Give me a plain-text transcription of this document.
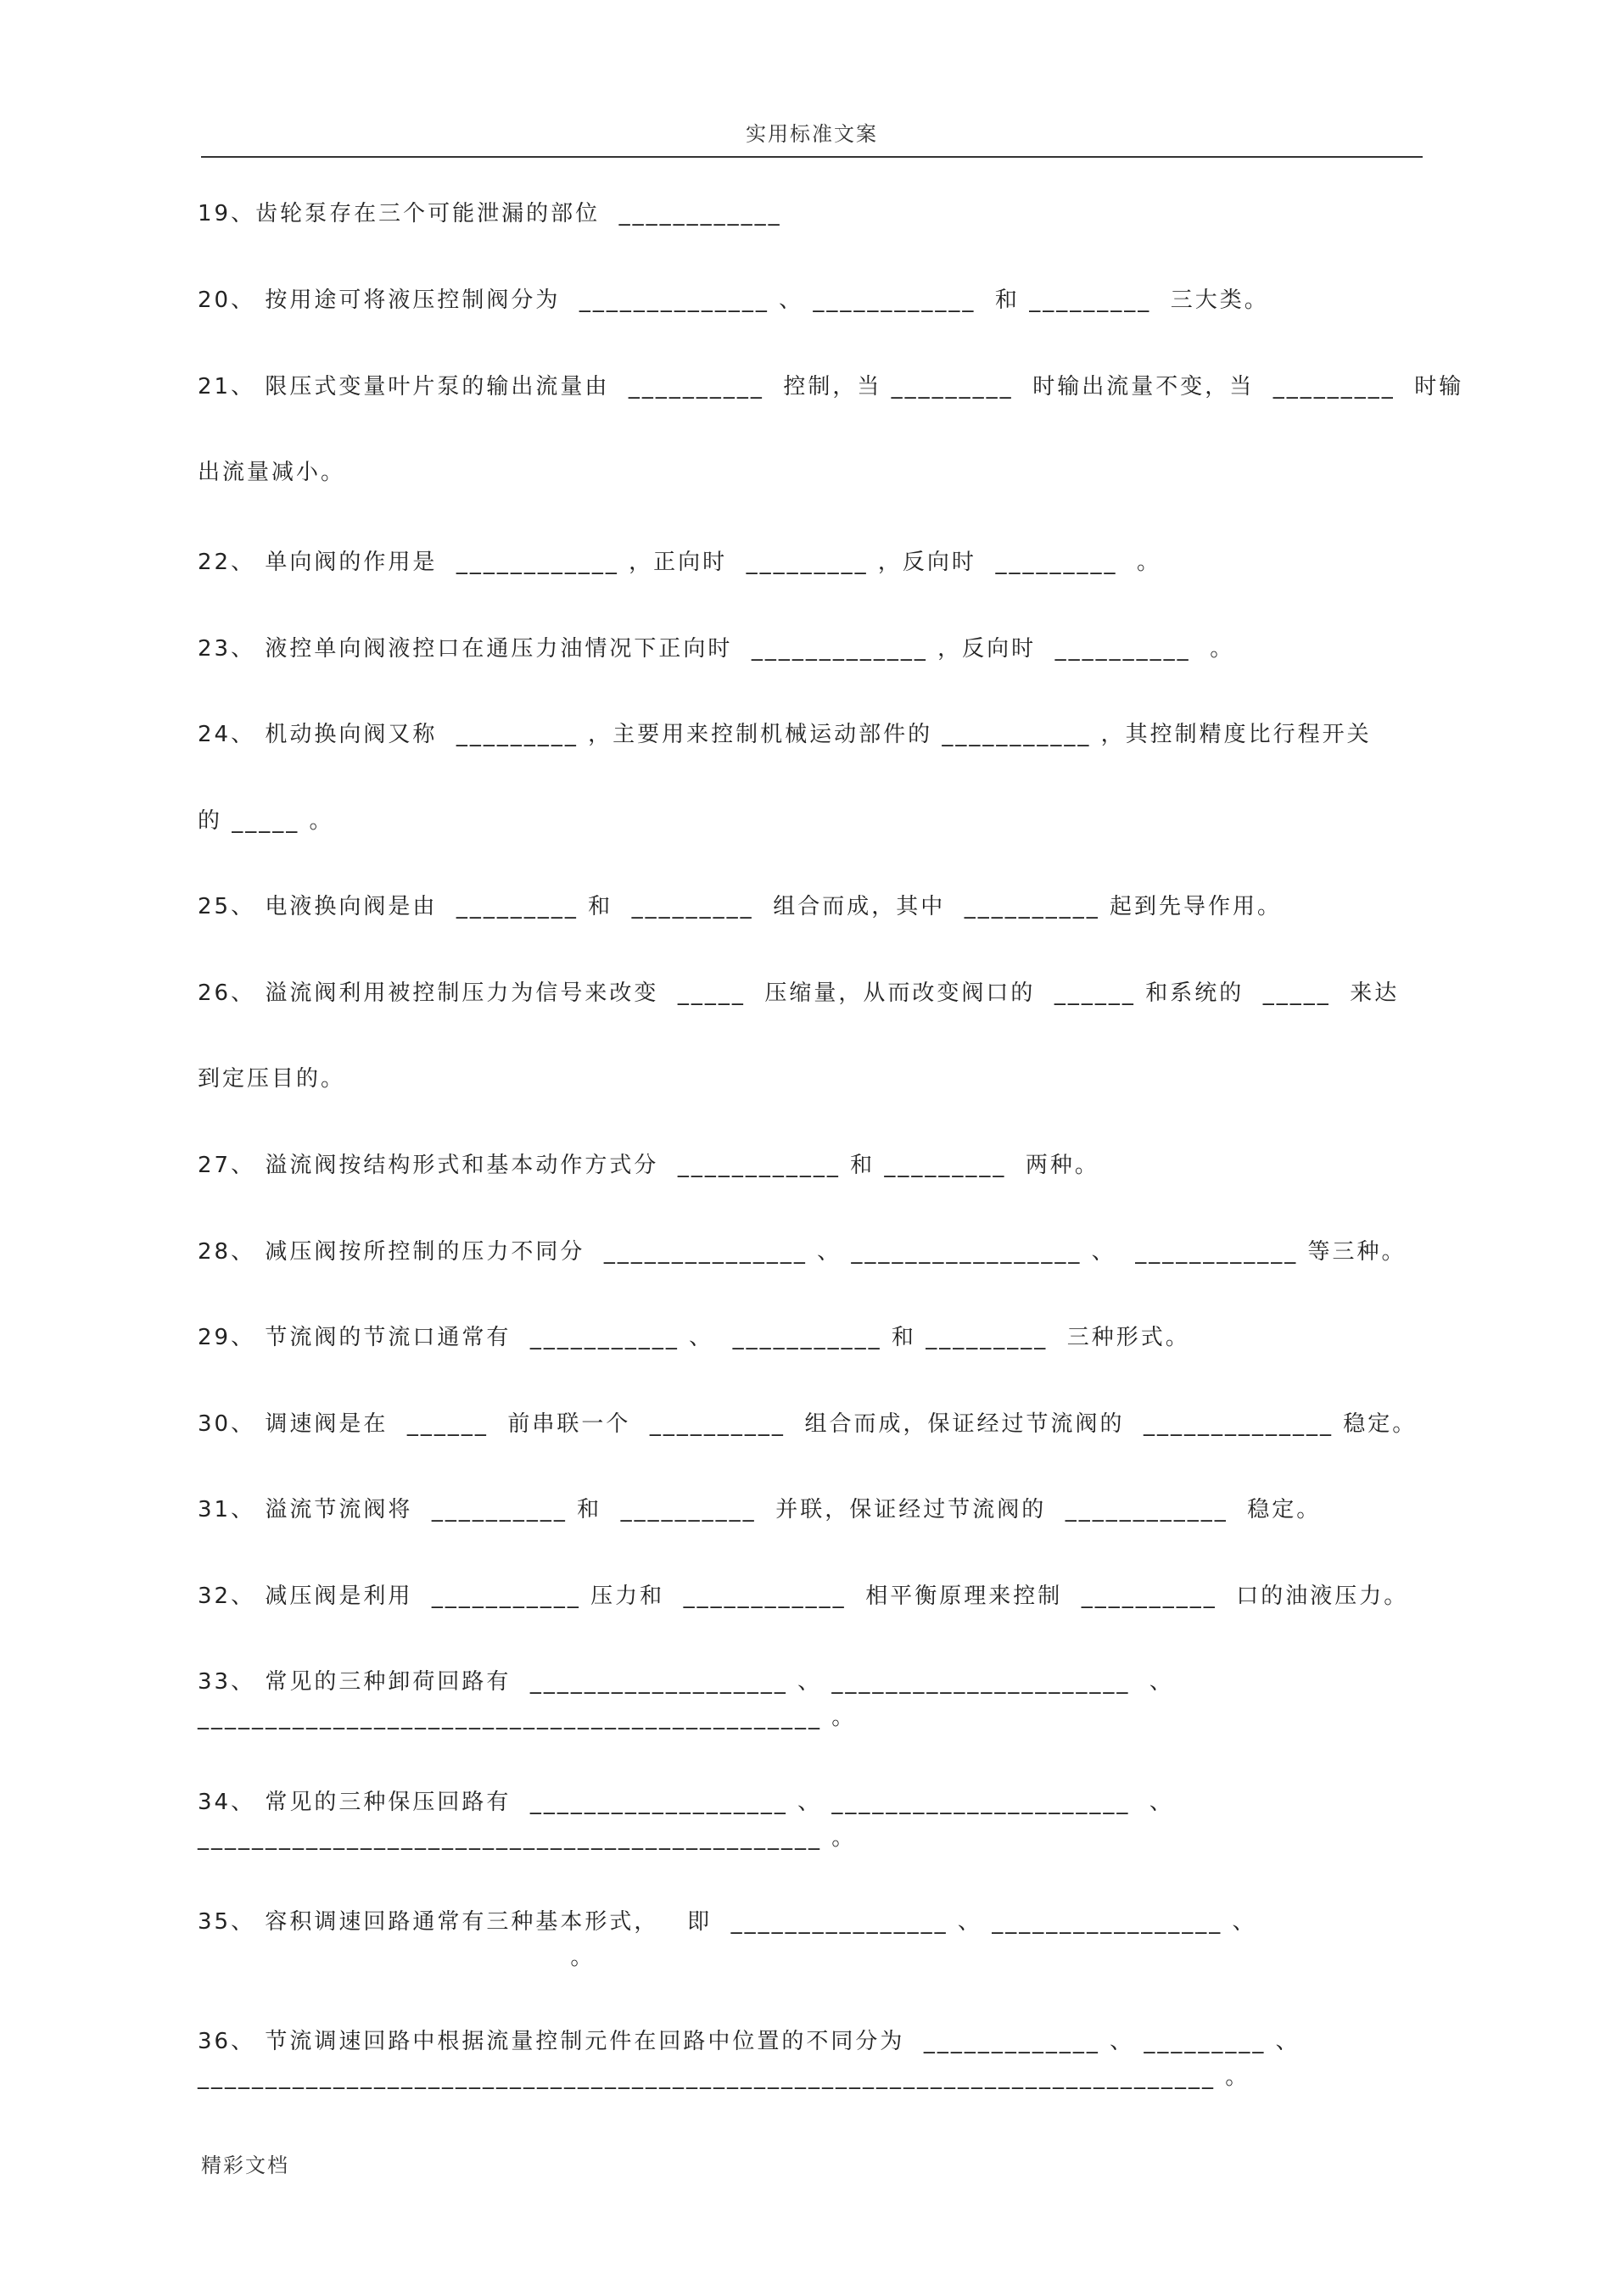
实用标准文案
19、齿轮泵存在三个可能泄漏的部位  ____________
20、 按用途可将液压控制阀分为  ______________ 、 ____________  和 _________  三大类。
21、 限压式变量叶片泵的输出流量由  __________  控制，当 _________  时输出流量不变，当  _________  时输
出流量减小。
22、 单向阀的作用是  ____________ ，正向时  _________ ，反向时  _________  。
23、 液控单向阀液控口在通压力油情况下正向时  _____________ ，反向时  __________  。
24、 机动换向阀又称  _________ ，主要用来控制机械运动部件的 ___________ ，其控制精度比行程开关
的 _____ 。
25、 电液换向阀是由  _________ 和  _________  组合而成，其中  __________ 起到先导作用。
26、 溢流阀利用被控制压力为信号来改变  _____  压缩量，从而改变阀口的  ______ 和系统的  _____  来达
到定压目的。
27、 溢流阀按结构形式和基本动作方式分  ____________ 和 _________  两种。
28、 减压阀按所控制的压力不同分  _______________ 、 _________________ 、  ____________ 等三种。
29、 节流阀的节流口通常有  ___________ 、  ___________ 和 _________  三种形式。
30、 调速阀是在  ______  前串联一个  __________  组合而成，保证经过节流阀的  ______________ 稳定。
31、 溢流节流阀将  __________ 和  __________  并联，保证经过节流阀的  ____________  稳定。
32、 减压阀是利用  ___________ 压力和  ____________  相平衡原理来控制  __________  口的油液压力。
33、 常见的三种卸荷回路有  ___________________ 、 ______________________  、
______________________________________________ 。
34、 常见的三种保压回路有  ___________________ 、 ______________________  、
______________________________________________ 。
35、 容积调速回路通常有三种基本形式，   即  ________________ 、 _________________ 、
。
36、 节流调速回路中根据流量控制元件在回路中位置的不同分为  _____________ 、 _________ 、
___________________________________________________________________________ 。
精彩文档
